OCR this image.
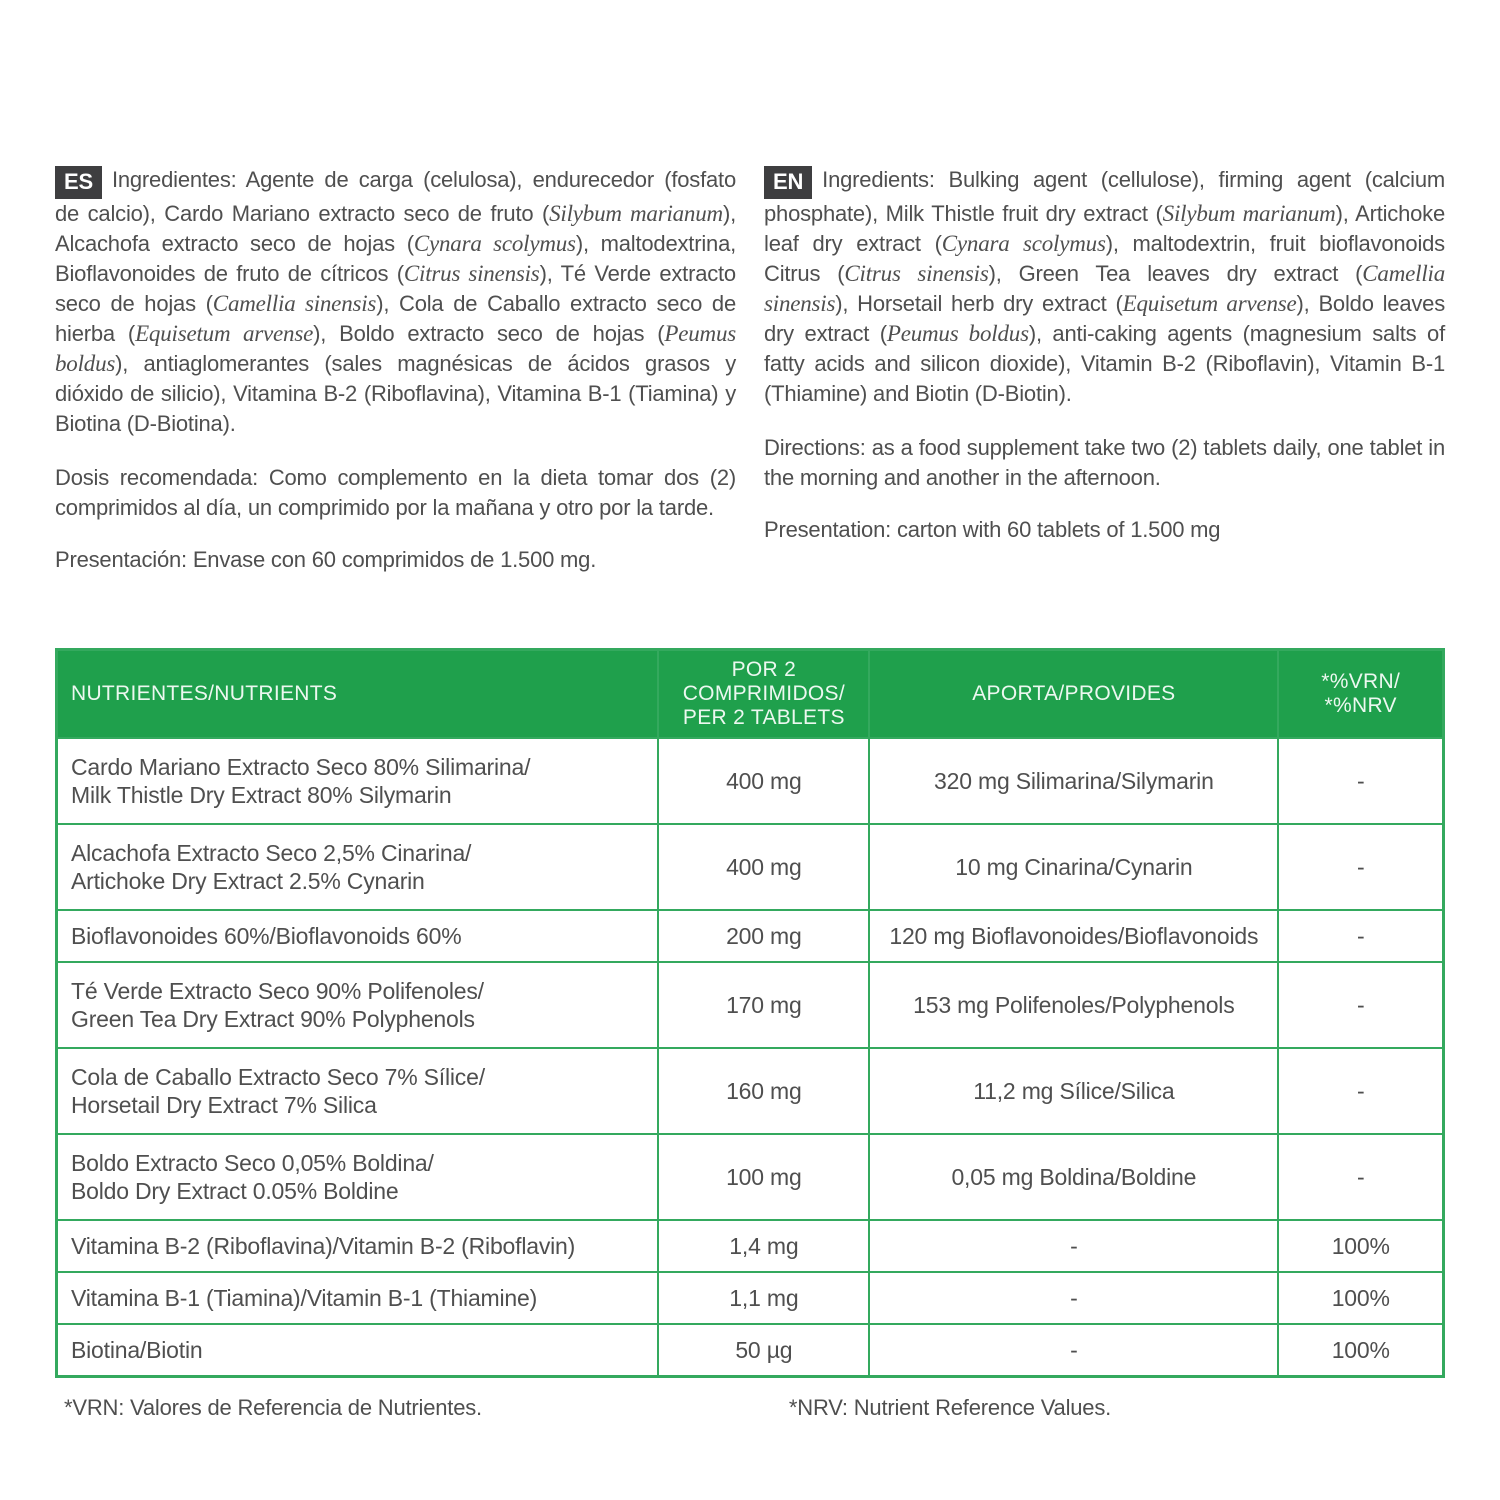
ES Ingredientes: Agente de carga (celulosa), endurecedor (fosfato de calcio), Cardo Mariano extracto seco de fruto (Silybum marianum), Alcachofa extracto seco de hojas (Cynara scolymus), maltodextrina, Bioflavonoides de fruto de cítricos (Citrus sinensis), Té Verde extracto seco de hojas (Camellia sinensis), Cola de Caballo extracto seco de hierba (Equisetum arvense), Boldo extracto seco de hojas (Peumus boldus), antiaglomerantes (sales magnésicas de ácidos grasos y dióxido de silicio), Vitamina B-2 (Riboflavina), Vitamina B-1 (Tiamina) y Biotina (D-Biotina).

Dosis recomendada: Como complemento en la dieta tomar dos (2) comprimidos al día, un comprimido por la mañana y otro por la tarde.

Presentación: Envase con 60 comprimidos de 1.500 mg.

EN Ingredients: Bulking agent (cellulose), firming agent (calcium phosphate), Milk Thistle fruit dry extract (Silybum marianum), Artichoke leaf dry extract (Cynara scolymus), maltodextrin, fruit bioflavonoids Citrus (Citrus sinensis), Green Tea leaves dry extract (Camellia sinensis), Horsetail herb dry extract (Equisetum arvense), Boldo leaves dry extract (Peumus boldus), anti-caking agents (magnesium salts of fatty acids and silicon dioxide), Vitamin B-2 (Riboflavin), Vitamin B-1 (Thiamine) and Biotin (D-Biotin).

Directions: as a food supplement take two (2) tablets daily, one tablet in the morning and another in the afternoon.

Presentation: carton with 60 tablets of 1.500 mg

NUTRIENTES/NUTRIENTS	POR 2 COMPRIMIDOS/
PER 2 TABLETS	APORTA/PROVIDES	*%VRN/ *%NRV

Cardo Mariano Extracto Seco 80% Silimarina/
Milk Thistle Dry Extract 80% Silymarin	400 mg	320 mg Silimarina/Silymarin	-

Alcachofa Extracto Seco 2,5% Cinarina/
Artichoke Dry Extract 2.5% Cynarin	400 mg	10 mg Cinarina/Cynarin	-

Bioflavonoides 60%/Bioflavonoids 60%	200 mg	120 mg Bioflavonoides/Bioflavonoids	-

Té Verde Extracto Seco 90% Polifenoles/
Green Tea Dry Extract 90% Polyphenols	170 mg	153 mg Polifenoles/Polyphenols	-

Cola de Caballo Extracto Seco 7% Sílice/
Horsetail Dry Extract 7% Silica	160 mg	11,2 mg Sílice/Silica	-

Boldo Extracto Seco 0,05% Boldina/
Boldo Dry Extract 0.05% Boldine	100 mg	0,05 mg Boldina/Boldine	-

Vitamina B-2 (Riboflavina)/Vitamin B-2 (Riboflavin)	1,4 mg	-	100%

Vitamina B-1 (Tiamina)/Vitamin B-1 (Thiamine)	1,1 mg	-	100%

Biotina/Biotin	50 µg	-	100%
*VRN: Valores de Referencia de Nutrientes.	*NRV: Nutrient Reference Values.
